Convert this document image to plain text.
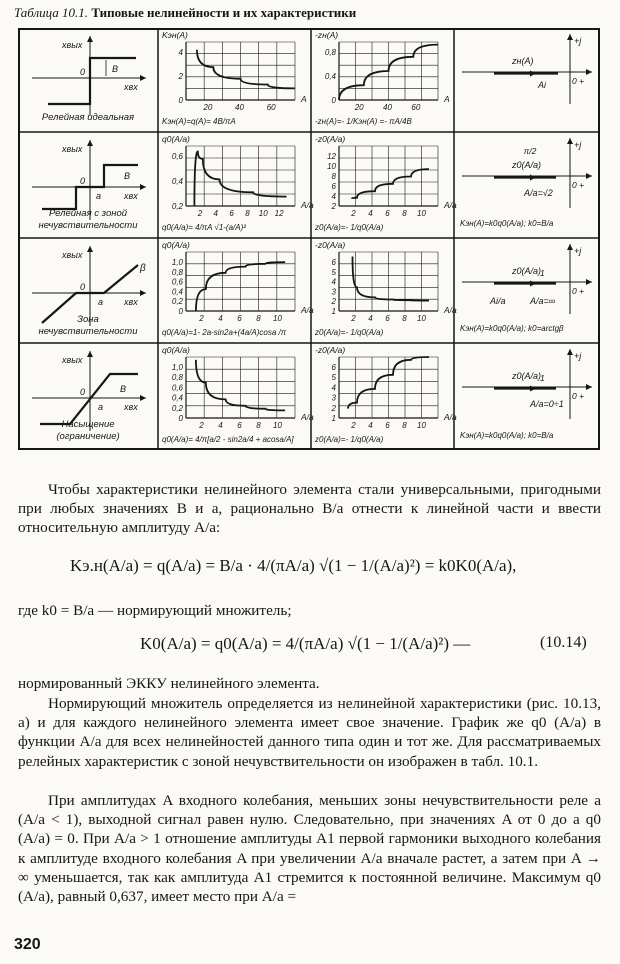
Таблица 10.1. Типовые нелинейности и их характеристики
xвых
xвх
0	B
Релейная идеальная
xвых
xвх
0
a
B
Релейная с зоной
нечувствительности
xвых
xвх
0
a
β
Зона
нечувствительности
xвых
xвх
0
a
B
Насыщение
(ограничение)
Kэн(A)
4
2
0
20	40	60
A
Kэн(A)=q(A)= 4B/πA
-zн(A)
0,8
0,4
0
20 40 60
A
-zн(A)=- 1/Kэн(A) =- πA/4B
q0(A/a)
0,6
0,4
0,2
2 4 6 8 10 12
A/a
q0(A/a)= 4/πA √1-(a/A)²
-z0(A/a)
12
10
8
6
4
2
2 4 6 8 10
A/a
z0(A/a)=- 1/q0(A/a)
q0(A/a)
1,0
0,8
0,6
0,4
0,2
0
2 4 6 8 10
A/a
q0(A/a)=1- 2a-sin2a+(4a/A)cosa /π
-z0(A/a)
6
5
4
3
2
1
2 4 6 8 10
A/a
z0(A/a)=- 1/q0(A/a)
q0(A/a)
1,0
0,8
0,6
0,4
0,2
0
2 4 6 8 10
A/a
q0(A/a)= 4/π[a/2 - sin2a/4 + acosa/A]
-z0(A/a)
6
5
4
3
2
1
2 4 6 8 10
A/a
z0(A/a)=- 1/q0(A/a)
+j
0 +
zн(A)
Ai
+j
0 +
z0(A/a)
π/2
A/a=√2
Kэн(A)=k0q0(A/a); k0=B/a
+j
0 +
z0(A/a)
1
Ai/a	A/a=∞
Kэн(A)=k0q0(A/a); k0=arctgβ
+j
0 +
z0(A/a)
1
A/a=0÷1
Kэн(A)=k0q0(A/a); k0=B/a

Чтобы характеристики нелинейного элемента стали универсальными, пригодными при любых значениях B и a, рационально B/a отнести к линейной части и ввести относительную амплитуду A/a:

Kэ.н(A/a) = q(A/a) = B/a · 4/(πA/a) √(1 − 1/(A/a)²) = k0K0(A/a),

где k0 = B/a — нормирующий множитель;

K0(A/a) = q0(A/a) = 4/(πA/a) √(1 − 1/(A/a)²) —	(10.14)

нормированный ЭККУ нелинейного элемента.

Нормирующий множитель определяется из нелинейной характеристики (рис. 10.13, а) и для каждого нелинейного элемента имеет свое значение. График же q0 (A/a) в функции A/a для всех нелинейностей данного типа один и тот же. Для рассматриваемых релейных характеристик с зоной нечувствительности он изображен в табл. 10.1.

При амплитудах A входного колебания, меньших зоны нечувствительности реле a (A/a < 1), выходной сигнал равен нулю. Следовательно, при значениях A от 0 до a q0 (A/a) = 0. При A/a > 1 отношение амплитуды A1 первой гармоники выходного колебания к амплитуде входного колебания A при увеличении A/a вначале растет, а затем при A → ∞ уменьшается, так как амплитуда A1 стремится к постоянной величине. Максимум q0 (A/a), равный 0,637, имеет место при A/a =

320
